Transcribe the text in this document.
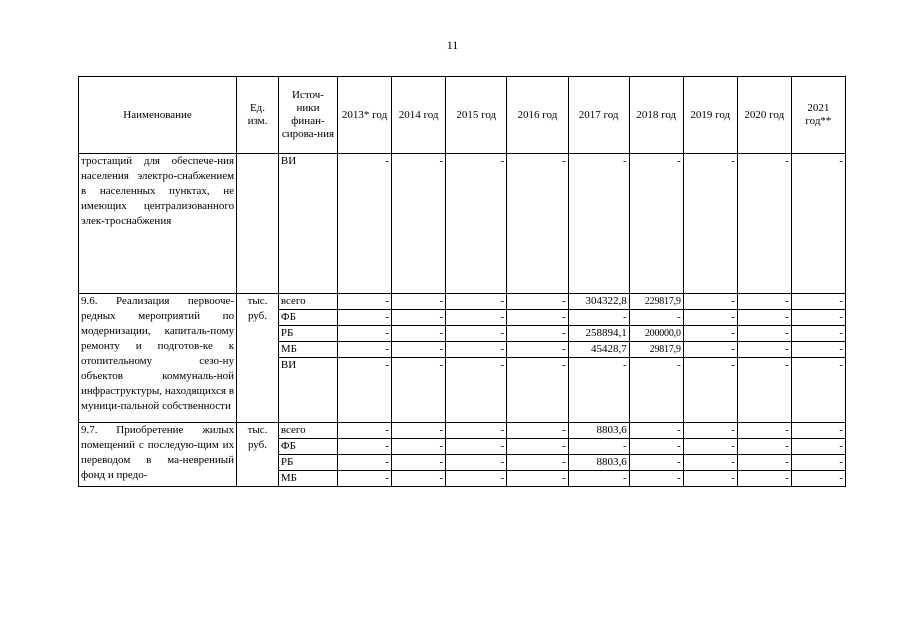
11
Наименование	Ед. изм.	Источ-ники финан-сирова-ния	2013* год	2014 год	2015 год	2016 год	2017 год	2018 год	2019 год	2020 год	2021 год**
тростащий для обеспече-ния населения электро-снабжением в населенных пунктах, не имеющих централизованного элек-троснабжения		ВИ	-	-	-	-	-	-	-	-	-
9.6. Реализация первооче-редных мероприятий по модернизации, капиталь-пому ремонту и подготов-ке к отопительному сезо-ну объектов коммуналь-ной инфраструктуры, находящихся в муници-пальной собственности	тыс. руб.	всего	-	-	-	-	304322,8	229817,9	-	-	-
		ФБ	-	-	-	-	-	-	-	-	-
		РБ	-	-	-	-	258894,1	200000,0	-	-	-
		МБ	-	-	-	-	45428,7	29817,9	-	-	-
		ВИ	-	-	-	-	-	-	-	-	-
9.7. Приобретение жилых помещений с последую-щим их переводом в ма-неврениый фонд и предо-	тыс. руб.	всего	-	-	-	-	8803,6	-	-	-	-
		ФБ	-	-	-	-	-	-	-	-	-
		РБ	-	-	-	-	8803,6	-	-	-	-
		МБ	-	-	-	-	-	-	-	-	-
